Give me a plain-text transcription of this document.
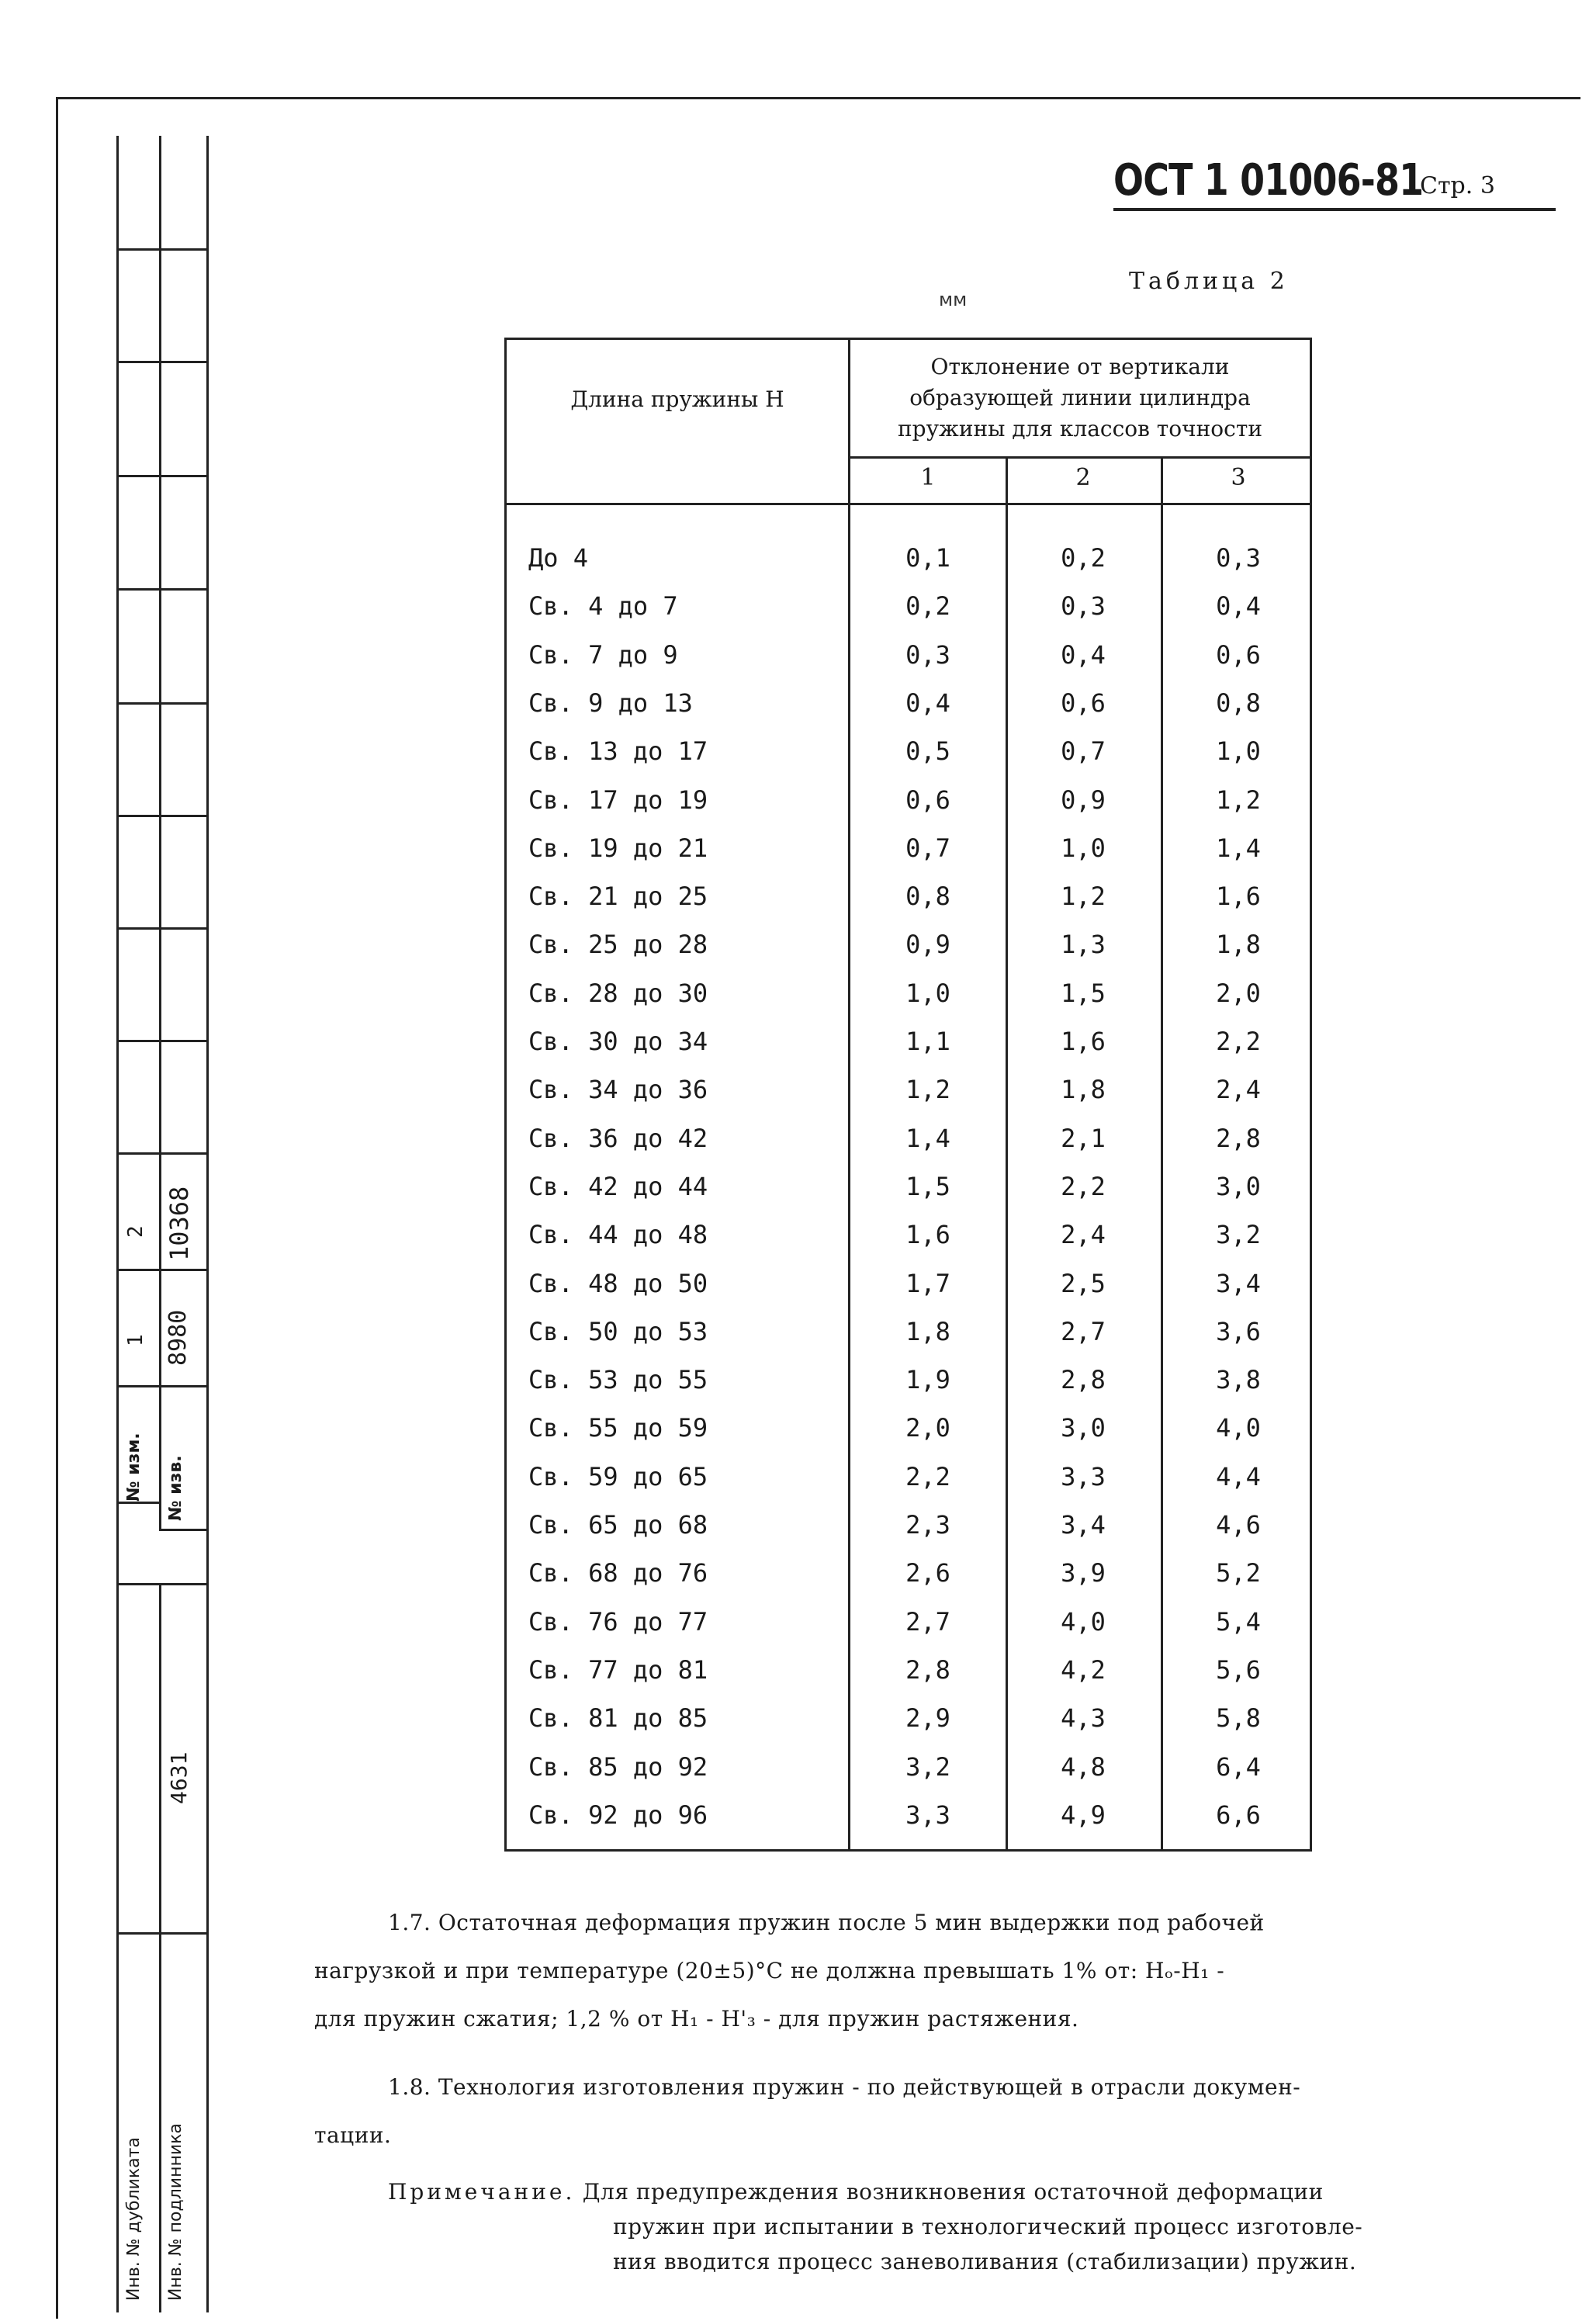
2 10368
1 8980
№ изм. № изв.
4631
Инв. № дубликата Инв. № подлинника
ОСТ 1 01006-81
Стр. 3
Таблица 2
мм
Длина пружины H
Отклонение от вертикали
образующей линии цилиндра
пружины для классов точности
1	2	3
До 4	0,1	0,2	0,3
Св. 4 до 7	0,2	0,3	0,4
Св. 7 до 9	0,3	0,4	0,6
Св. 9 до 13	0,4	0,6	0,8
Св. 13 до 17	0,5	0,7	1,0
Св. 17 до 19	0,6	0,9	1,2
Св. 19 до 21	0,7	1,0	1,4
Св. 21 до 25	0,8	1,2	1,6
Св. 25 до 28	0,9	1,3	1,8
Св. 28 до 30	1,0	1,5	2,0
Св. 30 до 34	1,1	1,6	2,2
Св. 34 до 36	1,2	1,8	2,4
Св. 36 до 42	1,4	2,1	2,8
Св. 42 до 44	1,5	2,2	3,0
Св. 44 до 48	1,6	2,4	3,2
Св. 48 до 50	1,7	2,5	3,4
Св. 50 до 53	1,8	2,7	3,6
Св. 53 до 55	1,9	2,8	3,8
Св. 55 до 59	2,0	3,0	4,0
Св. 59 до 65	2,2	3,3	4,4
Св. 65 до 68	2,3	3,4	4,6
Св. 68 до 76	2,6	3,9	5,2
Св. 76 до 77	2,7	4,0	5,4
Св. 77 до 81	2,8	4,2	5,6
Св. 81 до 85	2,9	4,3	5,8
Св. 85 до 92	3,2	4,8	6,4
Св. 92 до 96	3,3	4,9	6,6
1.7. Остаточная деформация пружин после 5 мин выдержки под рабочей
нагрузкой и при температуре (20±5)°С не должна превышать 1% от: Hₒ-H₁ -
для пружин сжатия; 1,2 % от H₁ - H'₃ - для пружин растяжения.
1.8. Технология изготовления пружин - по действующей в отрасли докумен-
тации.
Примечание. Для предупреждения возникновения остаточной деформации
пружин при испытании в технологический процесс изготовле-
ния вводится процесс заневоливания (стабилизации) пружин.
